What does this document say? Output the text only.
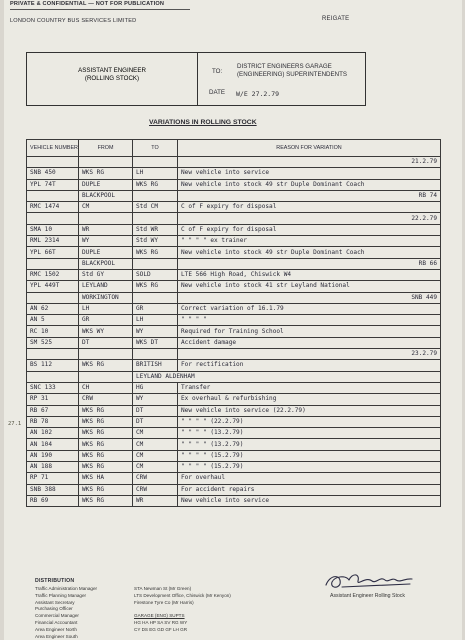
PRIVATE & CONFIDENTIAL — NOT FOR PUBLICATION
LONDON COUNTRY BUS SERVICES LIMITED	REIGATE
ASSISTANT ENGINEER
(ROLLING STOCK)
TO:
DISTRICT ENGINEERS GARAGE (ENGINEERING) SUPERINTENDENTS
DATE W/E 27.2.79
VARIATIONS IN ROLLING STOCK
VEHICLE NUMBER	FROM	TO	REASON FOR VARIATION
			21.2.79
SNB 450	WKS RG	LH	New vehicle into service
YPL 74T	DUPLE	WKS RG	New vehicle into stock 49 str Duple Dominant Coach
	BLACKPOOL		RB 74
RMC 1474	CM	Std CM	C of F expiry for disposal
			22.2.79
SMA 10	WR	Std WR	C of F expiry for disposal
RML 2314	WY	Std WY	" " " " ex trainer
YPL 66T	DUPLE	WKS RG	New vehicle into stock 49 str Duple Dominant Coach
	BLACKPOOL		RB 66
RMC 1502	Std GY	SOLD	LTE 566 High Road, Chiswick W4
YPL 449T	LEYLAND	WKS RG	New vehicle into stock 41 str Leyland National
	WORKINGTON		SNB 449
AN 62	LH	GR	Correct variation of 16.1.79
AN 5	GR	LH	" " " "
RC 10	WKS WY	WY	Required for Training School
SM 525	DT	WKS DT	Accident damage
			23.2.79
BS 112	WKS RG	BRITISH	For rectification
		LEYLAND ALDENHAM	
SNC 133	CH	HG	Transfer
RP 31	CRW	WY	Ex overhaul & refurbishing
RB 67	WKS RG	DT	New vehicle into service (22.2.79)
RB 78	WKS RG	DT	" " " " (22.2.79)
AN 102	WKS RG	CM	" " " " (13.2.79)
AN 104	WKS RG	CM	" " " " (13.2.79)
AN 190	WKS RG	CM	" " " " (15.2.79)
AN 188	WKS RG	CM	" " " " (15.2.79)
RP 71	WKS HA	CRW	For overhaul
SNB 388	WKS RG	CRW	For accident repairs
RB 69	WKS RG	WR	New vehicle into service
27.1
DISTRIBUTION
Traffic Administration Manager
Traffic Planning Manager
Assistant Secretary
Purchasing Officer
Commercial Manager
Financial Accountant
Area Engineer North
Area Engineer South
STA Newman St (Mr Green)
LTS Development Office, Chiswick (Mr Kenyon)
Firestone Tyre Co (Mr Harris)
GARAGE (ENG) SUPTS
HG HA HP SA SV RG WY
CY DS EG GD GF LH GR
Assistant Engineer Rolling Stock
